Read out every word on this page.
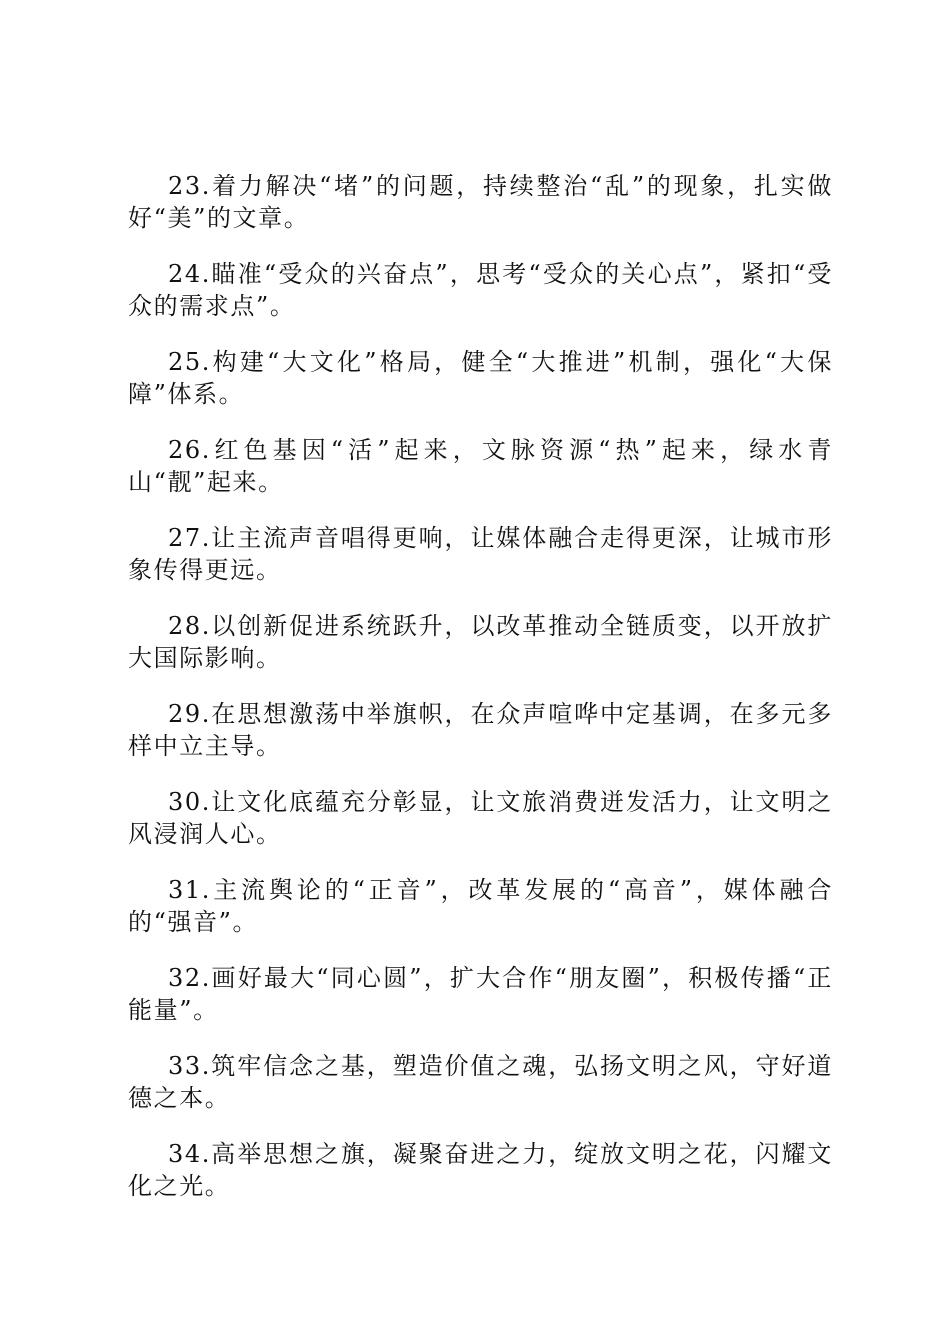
23.着力解决“堵”的问题，持续整治“乱”的现象，扎实做好“美”的文章。

24.瞄准“受众的兴奋点”，思考“受众的关心点”，紧扣“受众的需求点”。

25.构建“大文化”格局，健全“大推进”机制，强化“大保障”体系。

26.红色基因“活”起来，文脉资源“热”起来，绿水青山“靓”起来。

27.让主流声音唱得更响，让媒体融合走得更深，让城市形象传得更远。

28.以创新促进系统跃升，以改革推动全链质变，以开放扩大国际影响。

29.在思想激荡中举旗帜，在众声喧哗中定基调，在多元多样中立主导。

30.让文化底蕴充分彰显，让文旅消费迸发活力，让文明之风浸润人心。

31.主流舆论的“正音”，改革发展的“高音”，媒体融合的“强音”。

32.画好最大“同心圆”，扩大合作“朋友圈”，积极传播“正能量”。

33.筑牢信念之基，塑造价值之魂，弘扬文明之风，守好道德之本。

34.高举思想之旗，凝聚奋进之力，绽放文明之花，闪耀文化之光。
